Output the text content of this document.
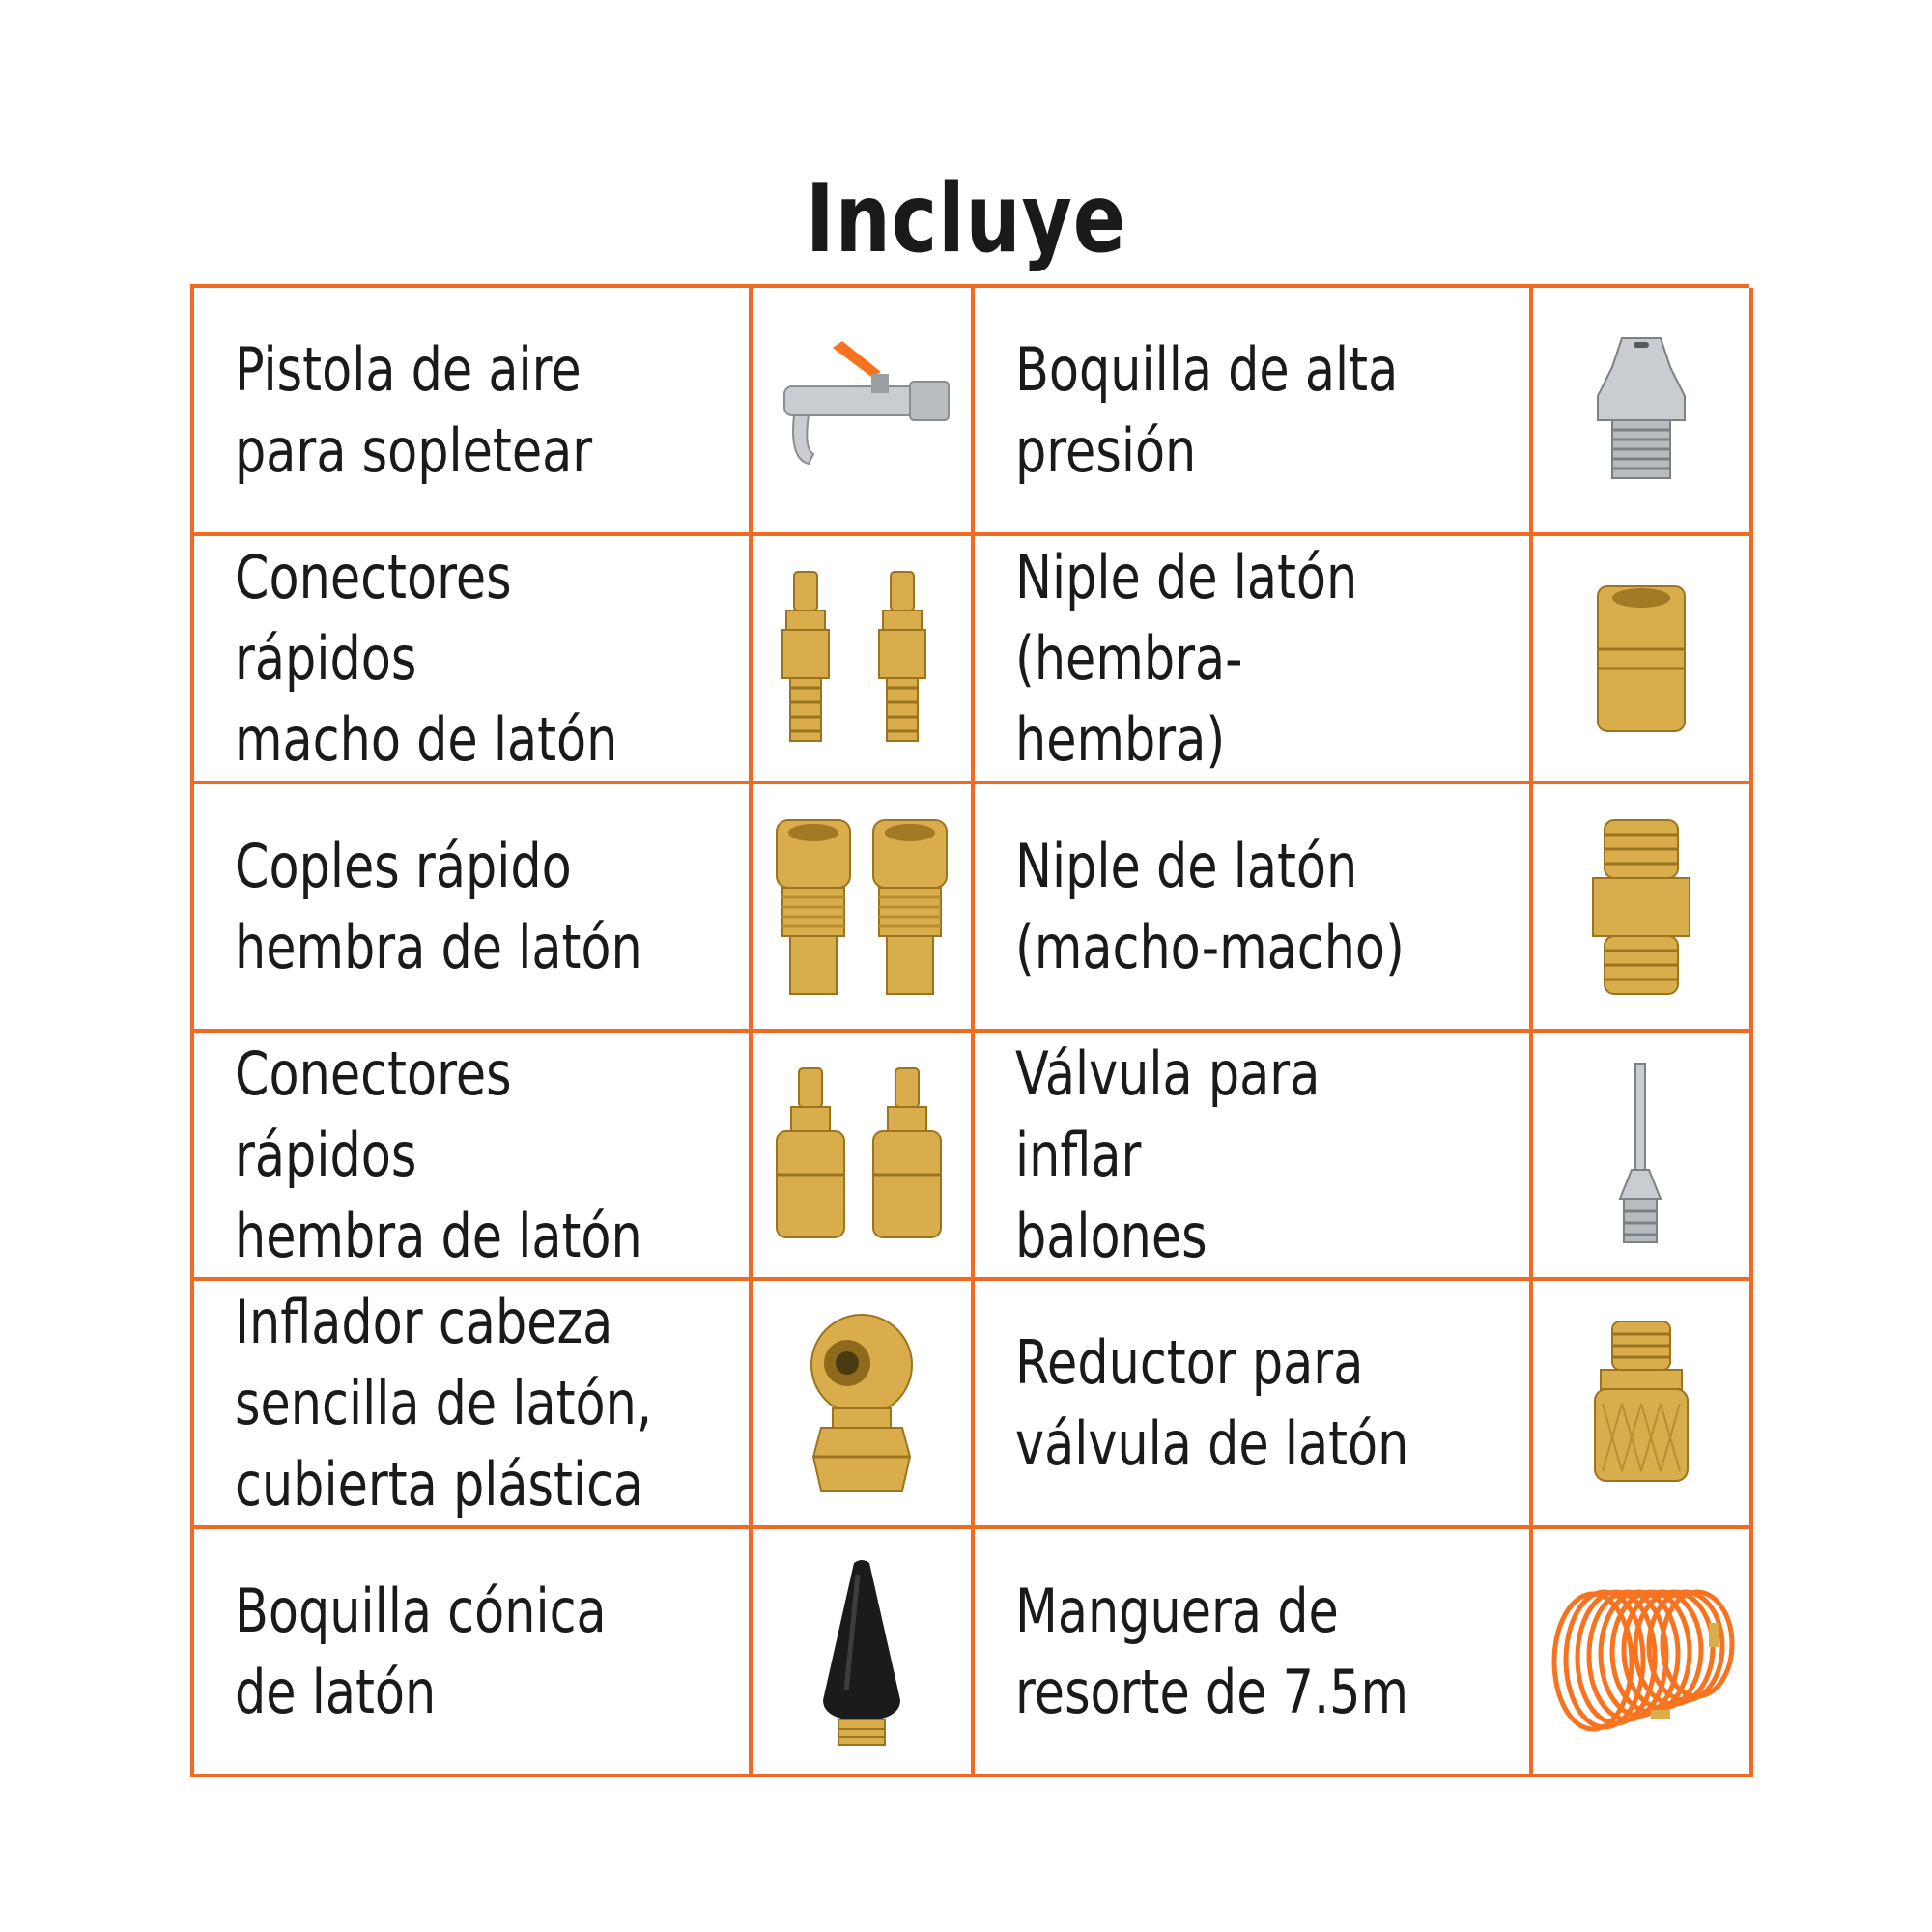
Incluye
Pistola de aire
para sopletear
Boquilla de alta
presión
Conectores rápidos
macho de latón
Niple de latón
(hembra-hembra)
Coples rápido
hembra de latón
Niple de latón
(macho-macho)
Conectores rápidos
hembra de latón
Válvula para inflar
balones
Inflador cabeza
sencilla de latón,
cubierta plástica
Reductor para
válvula de latón
Boquilla cónica
de latón
Manguera de
resorte de 7.5m
